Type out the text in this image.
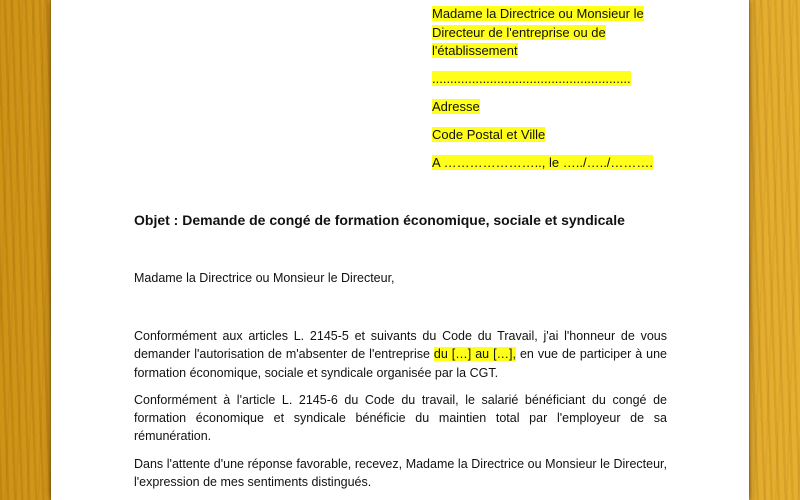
Madame la Directrice ou Monsieur le Directeur de l'entreprise ou de l'établissement

.......................................................

Adresse

Code Postal et Ville

A ………………….., le …../…../……….

Objet : Demande de congé de formation économique, sociale et syndicale
Madame la Directrice ou Monsieur le Directeur,

Conformément aux articles L. 2145-5 et suivants du Code du Travail, j'ai l'honneur de vous demander l'autorisation de m'absenter de l'entreprise du […] au […], en vue de participer à une formation économique, sociale et syndicale organisée par la CGT.

Conformément à l'article L. 2145-6 du Code du travail, le salarié bénéficiant du congé de formation économique et syndicale bénéficie du maintien total par l'employeur de sa rémunération.

Dans l'attente d'une réponse favorable, recevez, Madame la Directrice ou Monsieur le Directeur, l'expression de mes sentiments distingués.
